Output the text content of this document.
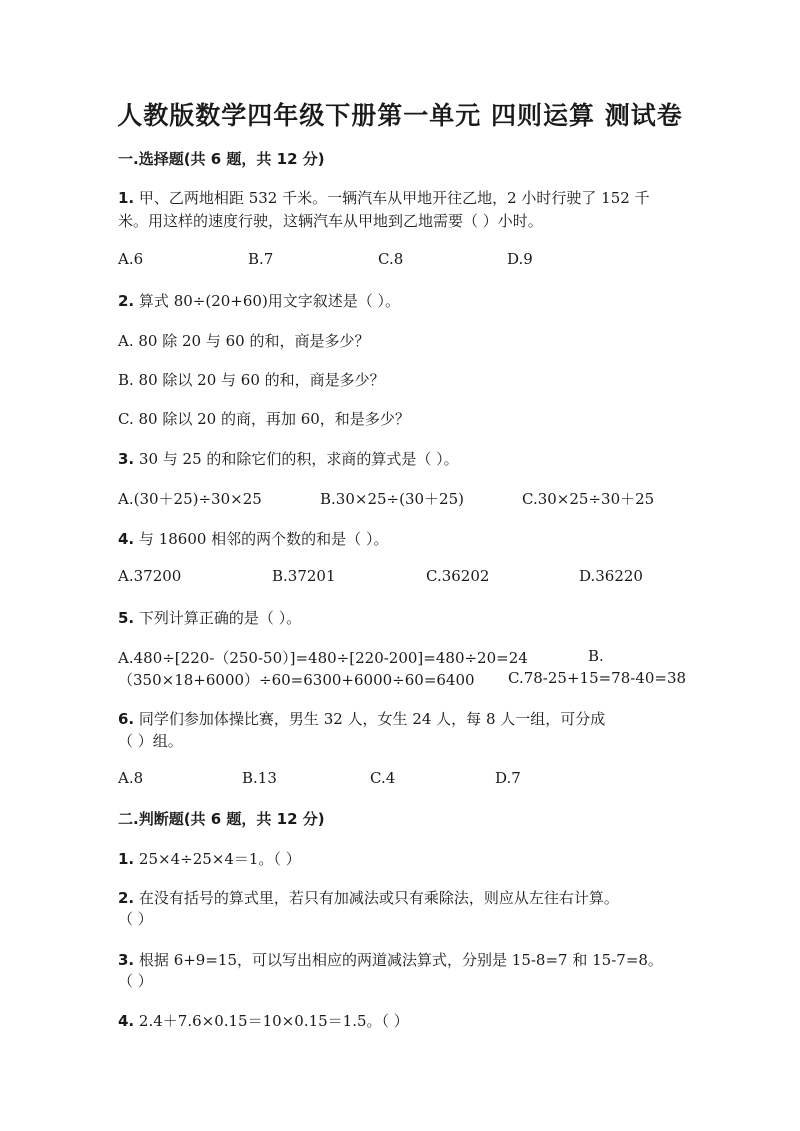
人教版数学四年级下册第一单元 四则运算 测试卷
一.选择题(共 6 题，共 12 分)
1. 甲、乙两地相距 532 千米。一辆汽车从甲地开往乙地，2 小时行驶了 152 千
米。用这样的速度行驶，这辆汽车从甲地到乙地需要（ ）小时。
A.6	B.7	C.8	D.9
2. 算式 80÷(20+60)用文字叙述是（ ）。
A. 80 除 20 与 60 的和，商是多少？
B. 80 除以 20 与 60 的和，商是多少？
C. 80 除以 20 的商，再加 60，和是多少？
3. 30 与 25 的和除它们的积，求商的算式是（ ）。
A.(30＋25)÷30×25	B.30×25÷(30＋25)	C.30×25÷30＋25
4. 与 18600 相邻的两个数的和是（ ）。
A.37200	B.37201	C.36202	D.36220
5. 下列计算正确的是（ ）。
A.480÷[220-（250-50）]=480÷[220-200]=480÷20=24	B.
（350×18+6000）÷60=6300+6000÷60=6400 C.78-25+15=78-40=38
6. 同学们参加体操比赛，男生 32 人，女生 24 人，每 8 人一组，可分成
（ ）组。
A.8	B.13	C.4	D.7
二.判断题(共 6 题，共 12 分)
1. 25×4÷25×4＝1。（ ）
2. 在没有括号的算式里，若只有加减法或只有乘除法，则应从左往右计算。
（ ）
3. 根据 6+9=15，可以写出相应的两道减法算式，分别是 15-8=7 和 15-7=8。
（ ）
4. 2.4＋7.6×0.15＝10×0.15＝1.5。（ ）
